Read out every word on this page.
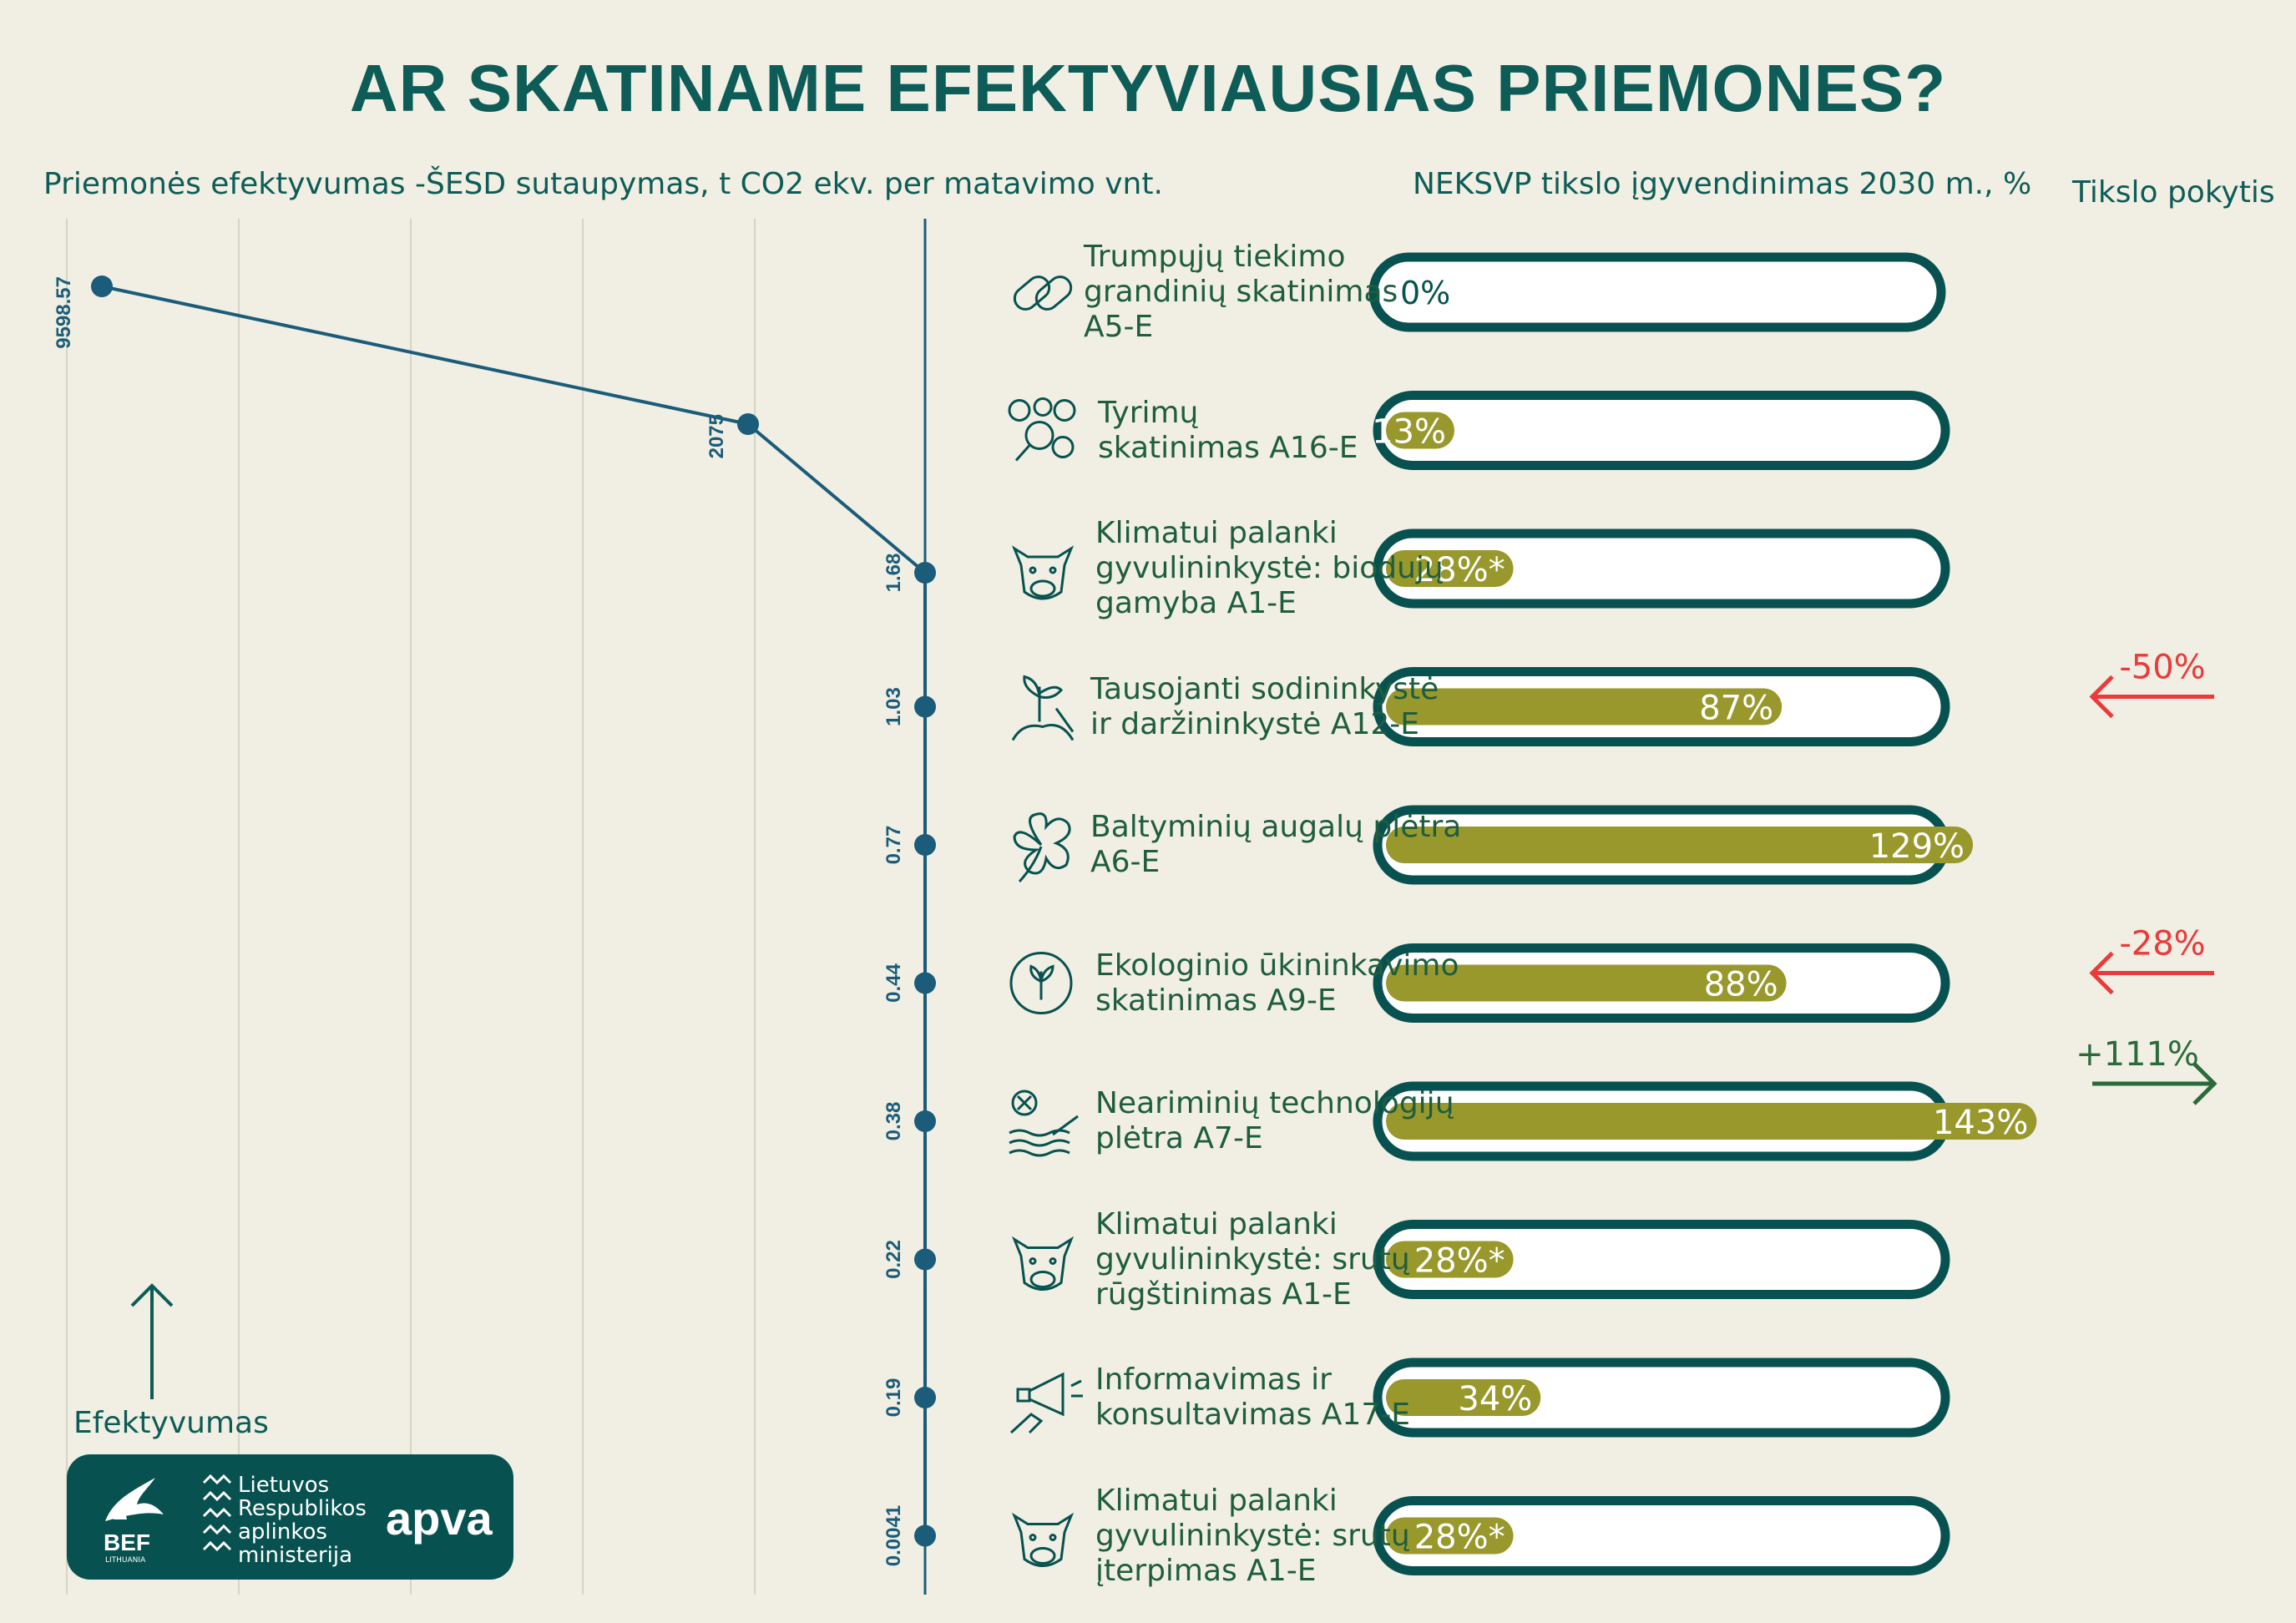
AR SKATINAME EFEKTYVIAUSIAS PRIEMONES?
Priemonės efektyvumas -ŠESD sutaupymas, t CO2 ekv. per matavimo vnt.	NEKSVP tikslo įgyvendinimas 2030 m., % Tikslo pokytis
9598.57
2075
1.68
1.03
0.77
0.44
0.38
0.22
0.19
0.0041
0%
13%
28%*
87%
-50%
129%
88%
-28%
143%
+111%
28%*
34%
28%*
Trumpųjų tiekimo
grandinių skatinimas
A5-E
Tyrimų
skatinimas A16-E
Klimatui palanki
gyvulininkystė: biodujų
gamyba A1-E
Tausojanti sodininkystė
ir daržininkystė A12-E
Baltyminių augalų plėtra
A6-E
Ekologinio ūkininkavimo
skatinimas A9-E
Neariminių technologijų
plėtra A7-E
Klimatui palanki
gyvulininkystė: srutų
rūgštinimas A1-E
Informavimas ir
konsultavimas A17-E
Klimatui palanki
gyvulininkystė: srutų
įterpimas A1-E
Efektyvumas
BEF
LITHUANIA
Lietuvos
Respublikos
aplinkos
ministerija
apva
